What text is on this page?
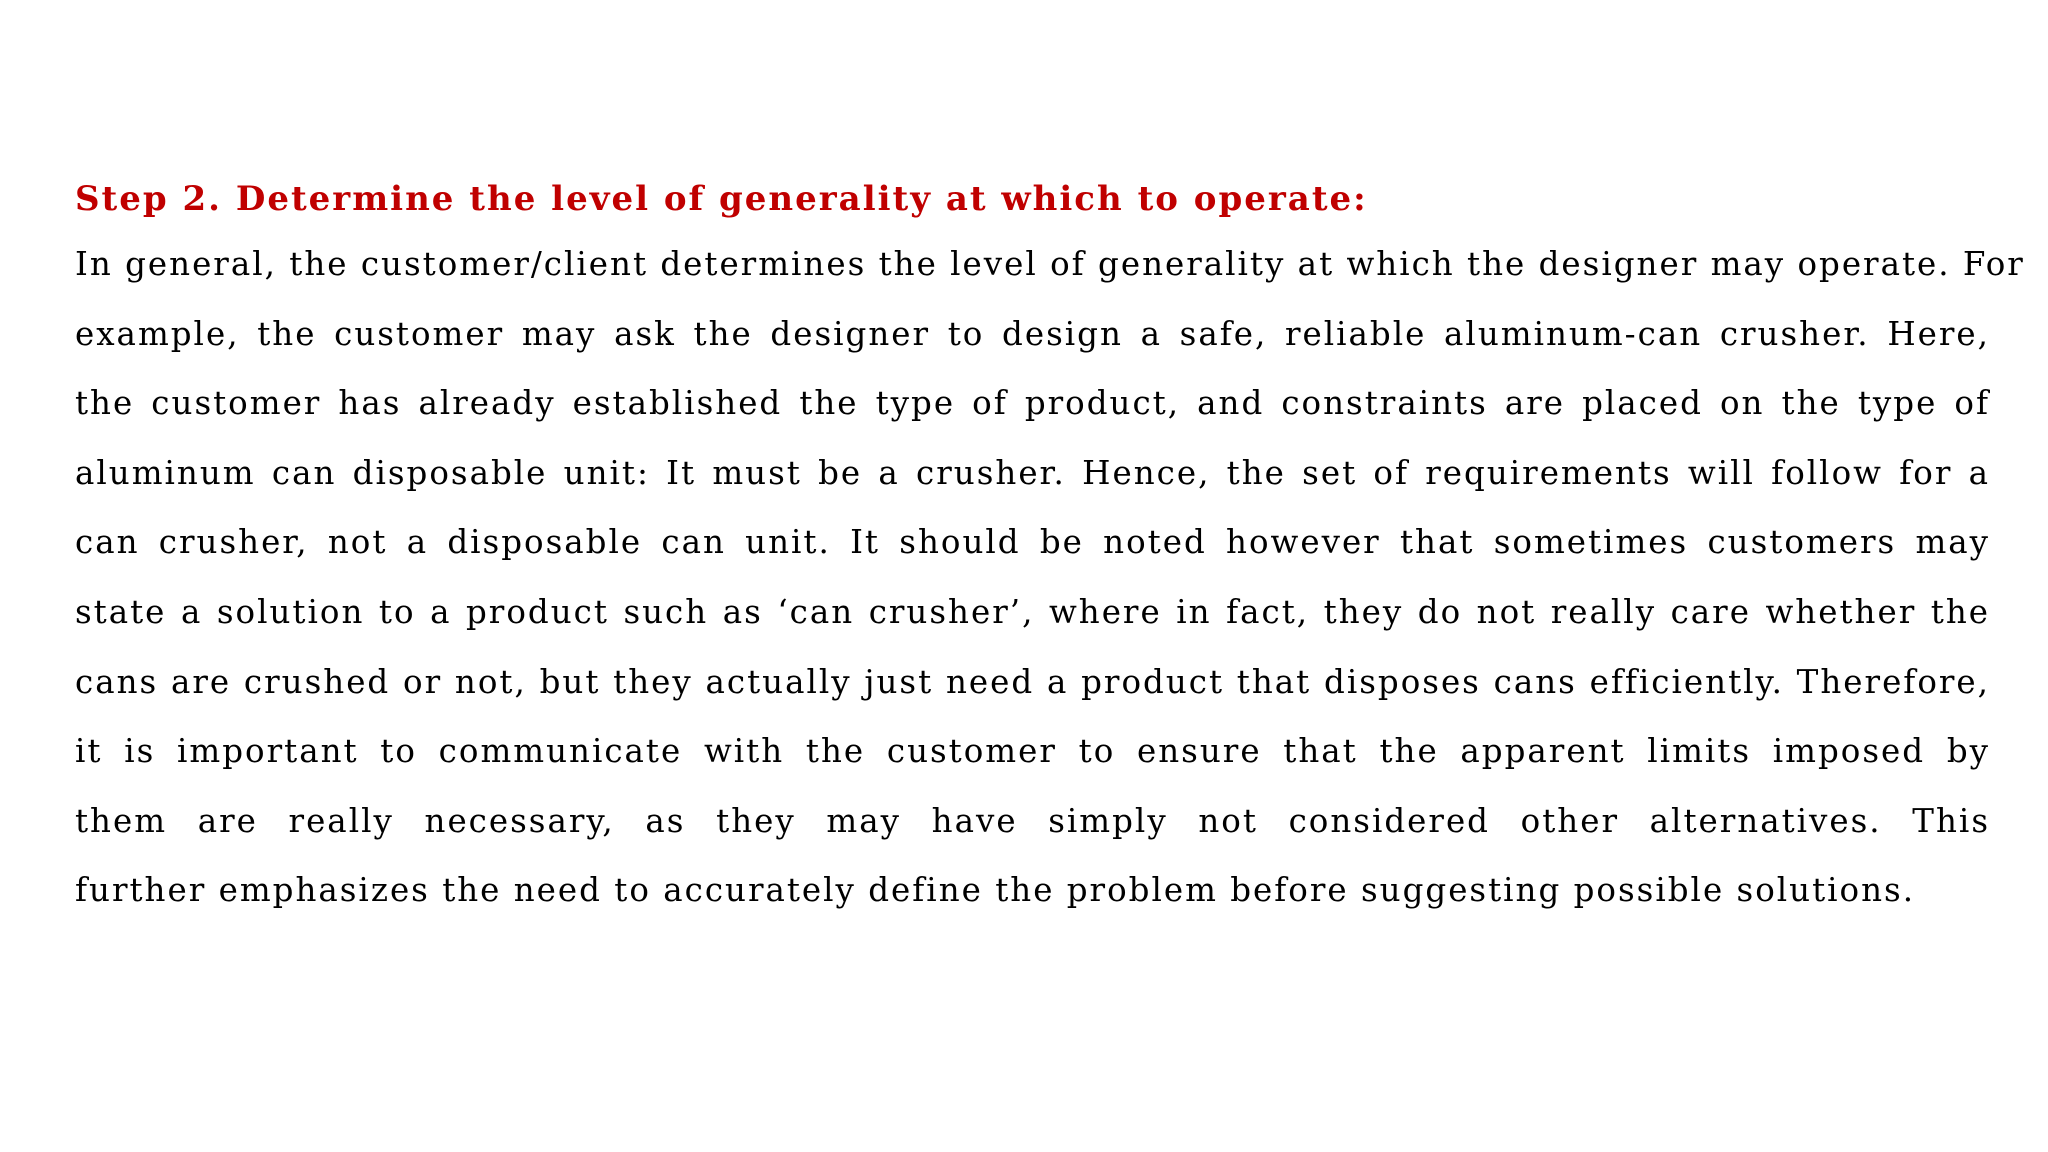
Step 2. Determine the level of generality at which to operate:

In general, the customer/client determines the level of generality at which the designer may operate. For
example, the customer may ask the designer to design a safe, reliable aluminum-can crusher. Here,
the customer has already established the type of product, and constraints are placed on the type of
aluminum can disposable unit: It must be a crusher. Hence, the set of requirements will follow for a
can crusher, not a disposable can unit. It should be noted however that sometimes customers may
state a solution to a product such as ‘can crusher’, where in fact, they do not really care whether the
cans are crushed or not, but they actually just need a product that disposes cans efficiently. Therefore,
it is important to communicate with the customer to ensure that the apparent limits imposed by
them are really necessary, as they may have simply not considered other alternatives. This
further emphasizes the need to accurately define the problem before suggesting possible solutions.
